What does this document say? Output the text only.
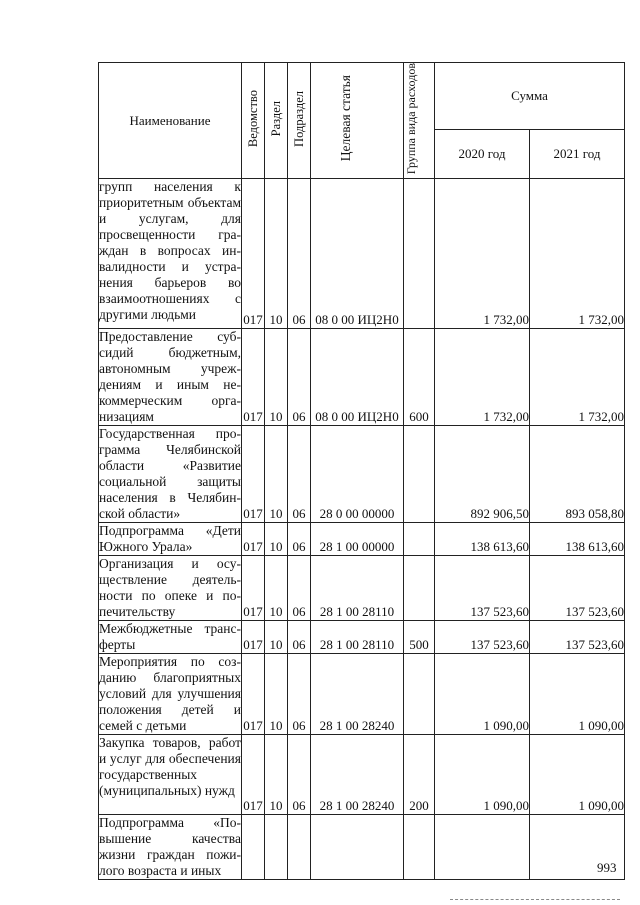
Наименование	Ведомство	Раздел	Подраздел	Целевая статья	Группа вида расходов	Сумма	
						2020 год	2021 год
групп населения к приоритетным объектам и услугам, для просвещенности граждан в вопросах инвалидности и устранения барьеров во взаимоотношениях с другими людьми	017	10	06	08 0 00 ИЦ2Н0		1 732,00	1 732,00
Предоставление субсидий бюджетным, автономным учреждениям и иным некоммерческим организациям	017	10	06	08 0 00 ИЦ2Н0	600	1 732,00	1 732,00
Государственная программа Челябинской области «Развитие социальной защиты населения в Челябинской области»	017	10	06	28 0 00 00000		892 906,50	893 058,80
Подпрограмма «Дети Южного Урала»	017	10	06	28 1 00 00000		138 613,60	138 613,60
Организация и осуществление деятельности по опеке и попечительству	017	10	06	28 1 00 28110		137 523,60	137 523,60
Межбюджетные трансферты	017	10	06	28 1 00 28110	500	137 523,60	137 523,60
Мероприятия по созданию благоприятных условий для улучшения положения детей и семей с детьми	017	10	06	28 1 00 28240		1 090,00	1 090,00
Закупка товаров, работ и услуг для обеспечения государственных (муниципальных) нужд	017	10	06	28 1 00 28240	200	1 090,00	1 090,00
Подпрограмма «Повышение качества жизни граждан пожилого возраста и иных								993
